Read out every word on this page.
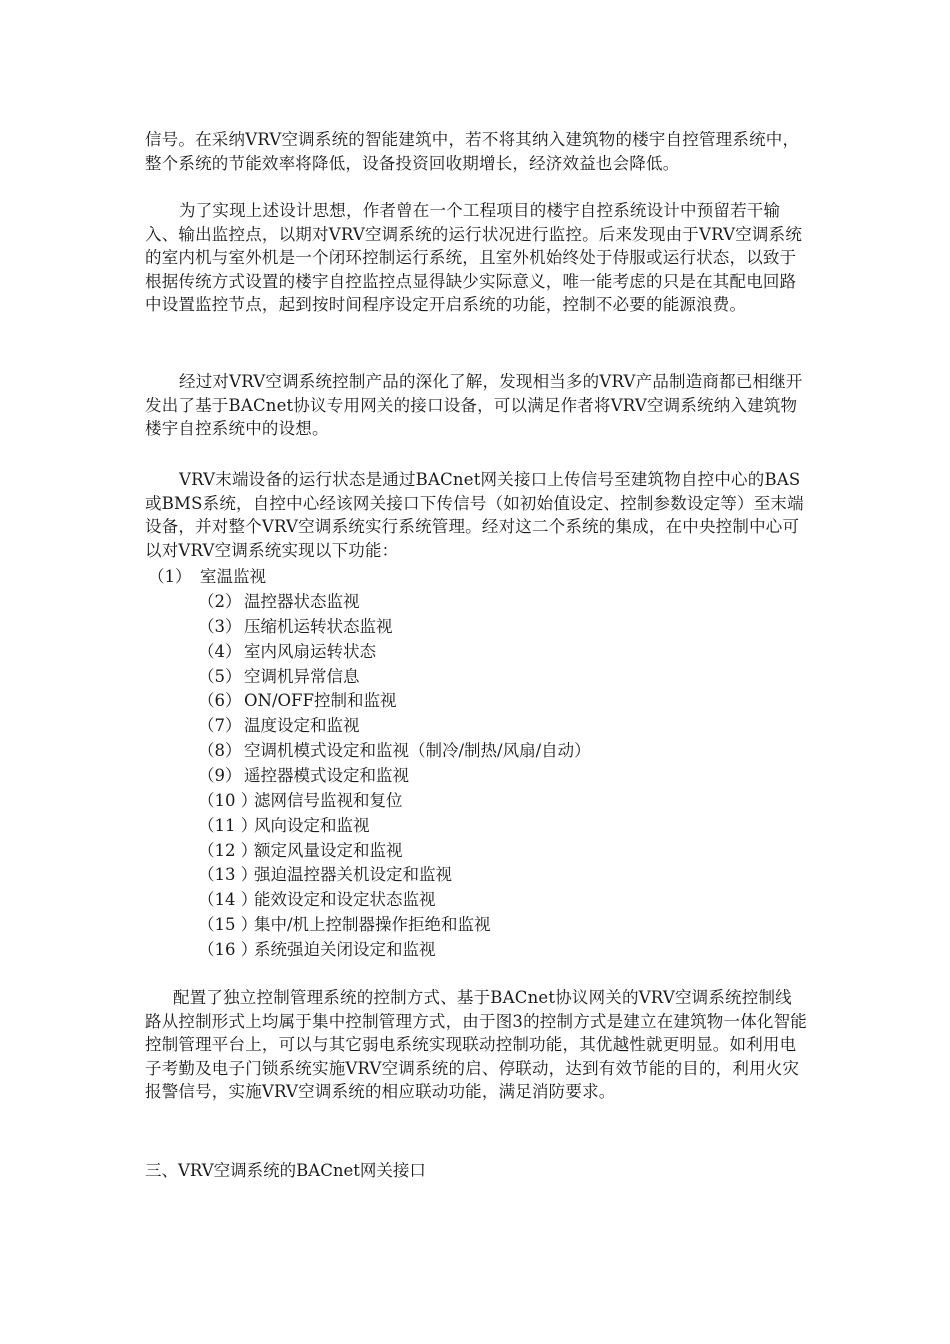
信号。在采纳VRV空调系统的智能建筑中，若不将其纳入建筑物的楼宇自控管理系统中，整个系统的节能效率将降低，设备投资回收期增长，经济效益也会降低。

为了实现上述设计思想，作者曾在一个工程项目的楼宇自控系统设计中预留若干输入、输出监控点，以期对VRV空调系统的运行状况进行监控。后来发现由于VRV空调系统的室内机与室外机是一个闭环控制运行系统，且室外机始终处于侍服或运行状态，以致于根据传统方式设置的楼宇自控监控点显得缺少实际意义，唯一能考虑的只是在其配电回路中设置监控节点，起到按时间程序设定开启系统的功能，控制不必要的能源浪费。

经过对VRV空调系统控制产品的深化了解，发现相当多的VRV产品制造商都已相继开发出了基于BACnet协议专用网关的接口设备，可以满足作者将VRV空调系统纳入建筑物楼宇自控系统中的设想。

VRV末端设备的运行状态是通过BACnet网关接口上传信号至建筑物自控中心的BAS或BMS系统，自控中心经该网关接口下传信号（如初始值设定、控制参数设定等）至末端设备，并对整个VRV空调系统实行系统管理。经对这二个系统的集成，在中央控制中心可以对VRV空调系统实现以下功能：

（1） 室温监视
（2） 温控器状态监视
（3） 压缩机运转状态监视
（4） 室内风扇运转状态
（5） 空调机异常信息
（6） ON/OFF控制和监视
（7） 温度设定和监视
（8） 空调机模式设定和监视（制冷/制热/风扇/自动）
（9） 遥控器模式设定和监视
（10 ）滤网信号监视和复位
（11 ）风向设定和监视
（12 ）额定风量设定和监视
（13 ）强迫温控器关机设定和监视
（14 ）能效设定和设定状态监视
（15 ）集中/机上控制器操作拒绝和监视
（16 ）系统强迫关闭设定和监视

配置了独立控制管理系统的控制方式、基于BACnet协议网关的VRV空调系统控制线路从控制形式上均属于集中控制管理方式，由于图3的控制方式是建立在建筑物一体化智能控制管理平台上，可以与其它弱电系统实现联动控制功能，其优越性就更明显。如利用电子考勤及电子门锁系统实施VRV空调系统的启、停联动，达到有效节能的目的，利用火灾报警信号，实施VRV空调系统的相应联动功能，满足消防要求。

三、VRV空调系统的BACnet网关接口
